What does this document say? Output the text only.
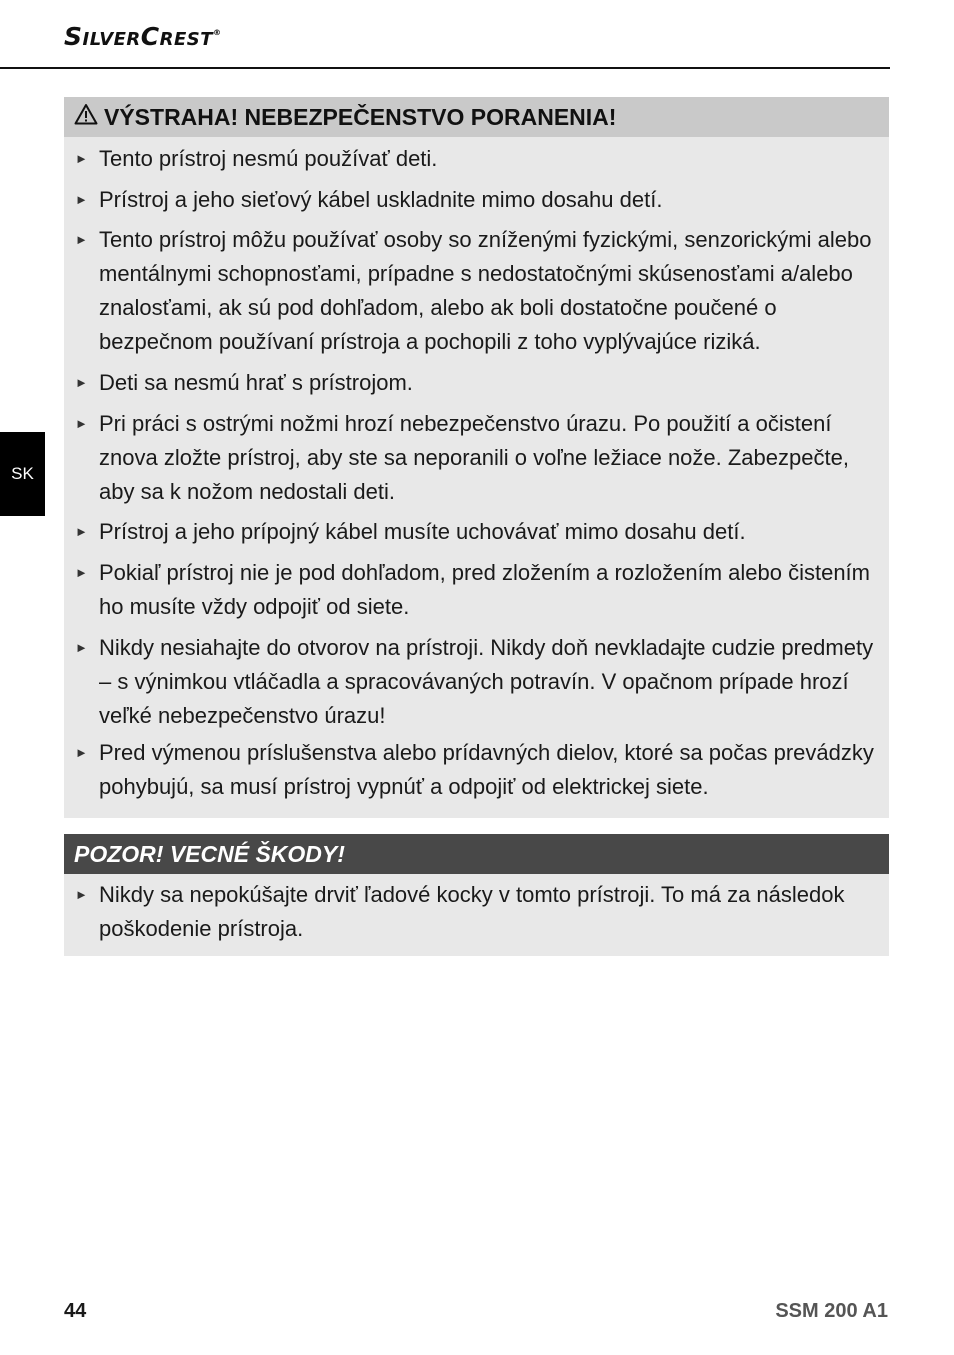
SilverCrest®
SK
VÝSTRAHA! NEBEZPEČENSTVO PORANENIA!
► Tento prístroj nesmú používať deti.
► Prístroj a jeho sieťový kábel uskladnite mimo dosahu detí.
► Tento prístroj môžu používať osoby so zníženými fyzickými, senzorickými alebo mentálnymi schopnosťami, prípadne s nedostatočnými skúsenosťami a/alebo znalosťami, ak sú pod dohľadom, alebo ak boli dostatočne poučené o bezpečnom používaní prístroja a pochopili z toho vyplývajúce riziká.
► Deti sa nesmú hrať s prístrojom.
► Pri práci s ostrými nožmi hrozí nebezpečenstvo úrazu. Po použití a očistení znova zložte prístroj, aby ste sa neporanili o voľne ležiace nože. Zabezpečte, aby sa k nožom nedostali deti.
► Prístroj a jeho prípojný kábel musíte uchovávať mimo dosahu detí.
► Pokiaľ prístroj nie je pod dohľadom, pred zložením a rozložením alebo čistením ho musíte vždy odpojiť od siete.
► Nikdy nesiahajte do otvorov na prístroji. Nikdy doň nevkladajte cudzie predmety – s výnimkou vtláčadla a spracovávaných potravín. V opačnom prípade hrozí veľké nebezpečenstvo úrazu!
► Pred výmenou príslušenstva alebo prídavných dielov, ktoré sa počas prevádzky pohybujú, sa musí prístroj vypnúť a odpojiť od elektrickej siete.
POZOR! VECNÉ ŠKODY!
► Nikdy sa nepokúšajte drviť ľadové kocky v tomto prístroji. To má za následok poškodenie prístroja.
44	SSM 200 A1
